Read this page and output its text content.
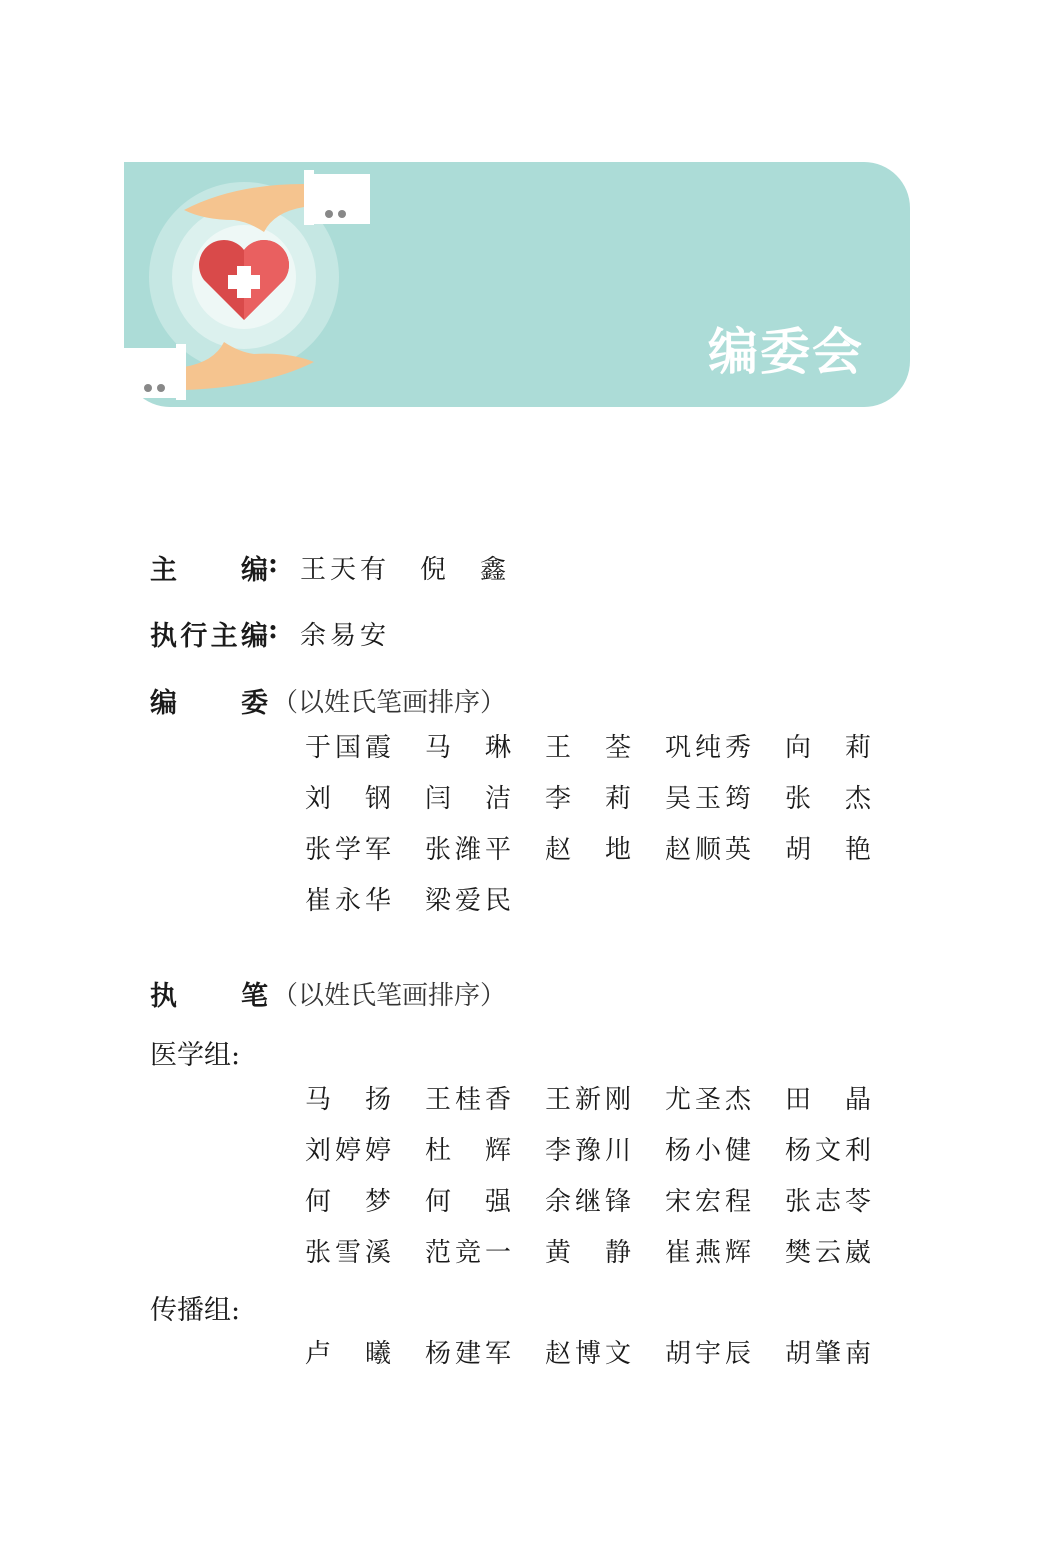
编委会
主　编 : 王天有　 倪　鑫
执行主编 : 余易安
编　委 （以姓氏笔画排序）
于国霞 马琳 王荃 巩纯秀 向莉
刘钢 闫洁 李莉 吴玉筠 张杰
张学军 张潍平 赵地 赵顺英 胡艳
崔永华 梁爱民
执　笔 （以姓氏笔画排序）
医学组:
马扬 王桂香 王新刚 尤圣杰 田晶
刘婷婷 杜辉 李豫川 杨小健 杨文利
何梦 何强 余继锋 宋宏程 张志苓
张雪溪 范竞一 黄静 崔燕辉 樊云崴
传播组:
卢曦 杨建军 赵博文 胡宇辰 胡肇南
